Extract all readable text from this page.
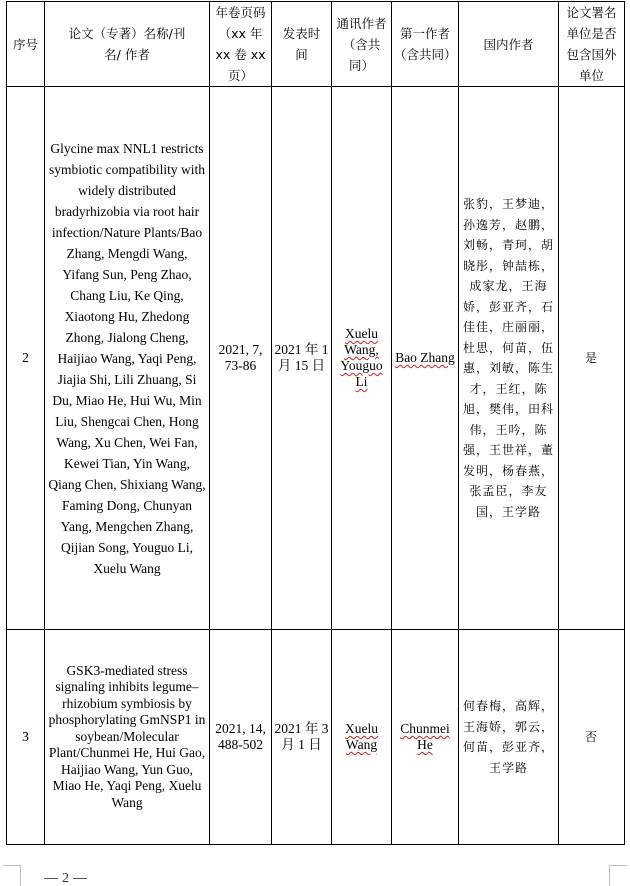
序号	论文（专著）名称/刊名/ 作者	年卷页码（xx 年 xx 卷 xx 页）	发表时间	通讯作者（含共同）	第一作者（含共同）	国内作者	论文署名单位是否包含国外单位
2	Glycine max NNL1 restricts symbiotic compatibility with widely distributed bradyrhizobia via root hair infection/Nature Plants/Bao Zhang, Mengdi Wang, Yifang Sun, Peng Zhao, Chang Liu, Ke Qing, Xiaotong Hu, Zhedong Zhong, Jialong Cheng, Haijiao Wang, Yaqi Peng, Jiajia Shi, Lili Zhuang, Si Du, Miao He, Hui Wu, Min Liu, Shengcai Chen, Hong Wang, Xu Chen, Wei Fan, Kewei Tian, Yin Wang, Qiang Chen, Shixiang Wang, Faming Dong, Chunyan Yang, Mengchen Zhang, Qijian Song, Youguo Li, Xuelu Wang	2021, 7, 73-86	2021 年 1 月 15 日	Xuelu Wang, Youguo Li	Bao Zhang	张豹，王梦迪，孙逸芳，赵鹏，刘畅，青珂，胡晓彤，钟喆栋，成家龙，王海娇，彭亚齐，石佳佳，庄丽丽，杜思，何苗，伍惠，刘敏，陈生才，王红，陈旭，樊伟，田科伟，王吟，陈强，王世祥，董发明，杨春燕，张孟臣，李友国，王学路	是
3	GSK3-mediated stress signaling inhibits legume–rhizobium symbiosis by phosphorylating GmNSP1 in soybean/Molecular Plant/Chunmei He, Hui Gao, Haijiao Wang, Yun Guo, Miao He, Yaqi Peng, Xuelu Wang	2021, 14, 488-502	2021 年 3 月 1 日	Xuelu Wang	Chunmei He	何春梅，高辉，王海娇，郭云，何苗，彭亚齐，王学路	否
2
